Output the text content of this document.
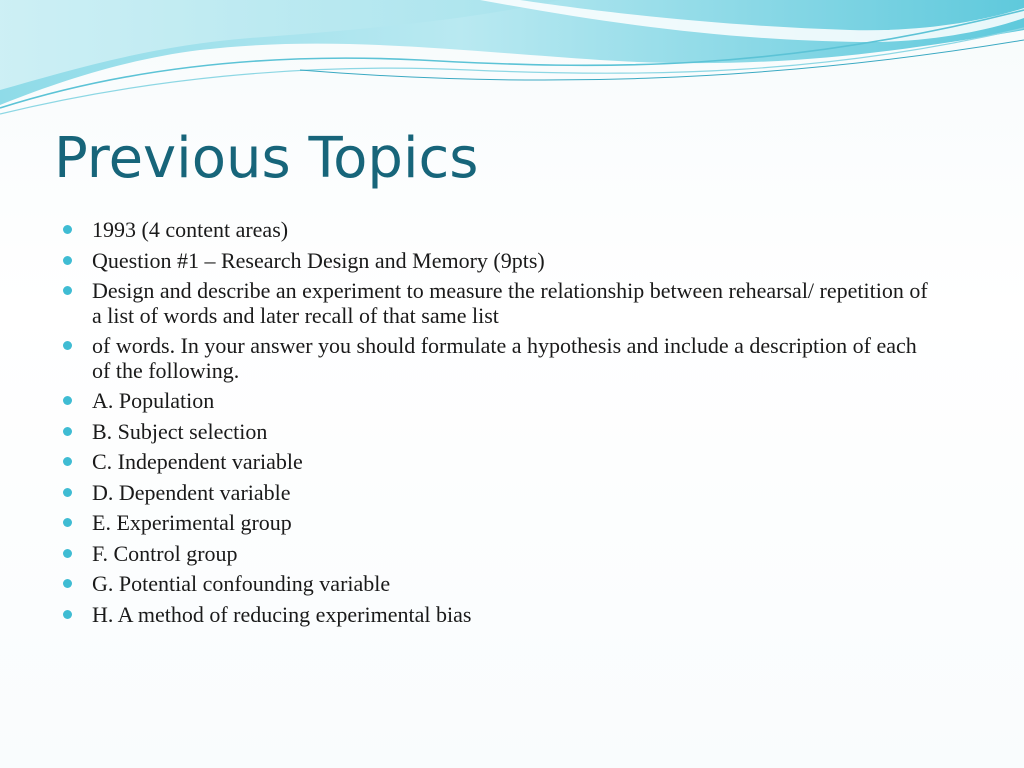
Previous Topics
1993 (4 content areas)
Question #1 – Research Design and Memory (9pts)
Design and describe an experiment to measure the relationship between rehearsal/ repetition of a list of words and later recall of that same list
of words. In your answer you should formulate a hypothesis and include a description of each of the following.
A. Population
B. Subject selection
C. Independent variable
D. Dependent variable
E. Experimental group
F. Control group
G. Potential confounding variable
H. A method of reducing experimental bias
